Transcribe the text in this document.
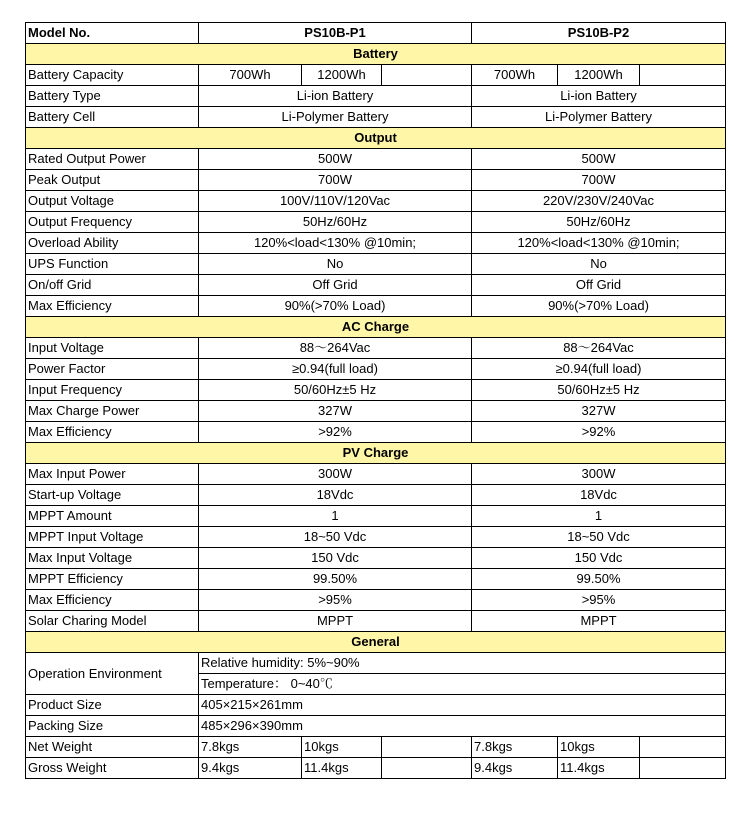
Model No.	PS10B-P1			PS10B-P2		
Battery						
Battery Capacity	700Wh	1200Wh		700Wh	1200Wh	
Battery Type	Li-ion Battery			Li-ion Battery		
Battery Cell	Li-Polymer Battery			Li-Polymer Battery		
Output						
Rated Output Power	500W			500W		
Peak Output	700W			700W		
Output Voltage	100V/110V/120Vac			220V/230V/240Vac		
Output Frequency	50Hz/60Hz			50Hz/60Hz		
Overload Ability	120%<load<130% @10min;			120%<load<130% @10min;		
UPS Function	No			No		
On/off Grid	Off Grid			Off Grid		
Max Efficiency	90%(>70% Load)			90%(>70% Load)		
AC Charge						
Input Voltage	88～264Vac			88～264Vac		
Power Factor	≥0.94(full load)			≥0.94(full load)		
Input Frequency	50/60Hz±5 Hz			50/60Hz±5 Hz		
Max Charge Power	327W			327W		
Max Efficiency	>92%			>92%		
PV Charge						
Max Input Power	300W			300W		
Start-up Voltage	18Vdc			18Vdc		
MPPT Amount	1			1		
MPPT Input Voltage	18~50 Vdc			18~50 Vdc		
Max Input Voltage	150 Vdc			150 Vdc		
MPPT Efficiency	99.50%			99.50%		
Max Efficiency	>95%			>95%		
Solar Charing Model	MPPT			MPPT		
General						
Operation Environment	Relative humidity: 5%~90%					
	Temperature： 0~40℃					
Product Size	405×215×261mm					
Packing Size	485×296×390mm					
Net Weight	7.8kgs	10kgs		7.8kgs	10kgs	
Gross Weight	9.4kgs	11.4kgs		9.4kgs	11.4kgs	
